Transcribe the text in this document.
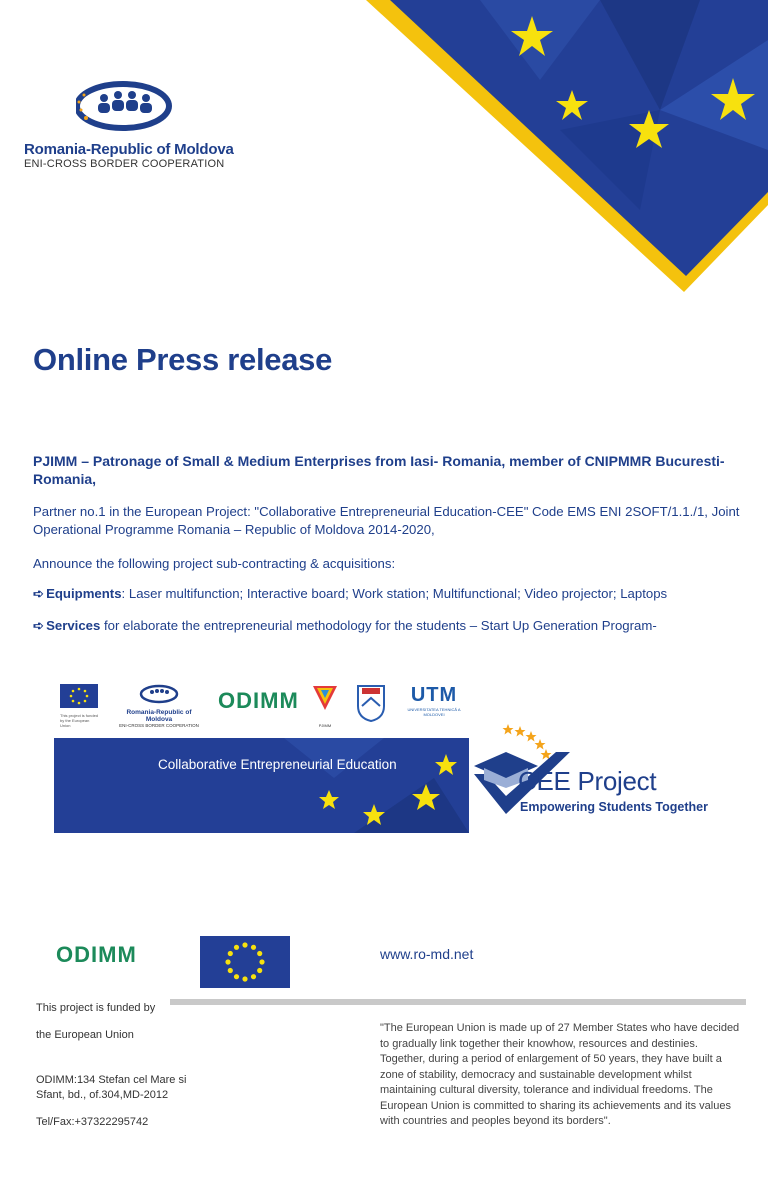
Romania-Republic of Moldova
ENI-CROSS BORDER COOPERATION
Online Press release
PJIMM – Patronage of Small & Medium Enterprises from Iasi- Romania, member of CNIPMMR Bucuresti- Romania,
Partner no.1 in the European Project: "Collaborative Entrepreneurial Education-CEE" Code EMS ENI 2SOFT/1.1./1, Joint Operational Programme Romania – Republic of Moldova 2014-2020,
Announce the following project sub-contracting & acquisitions:
➪ Equipments: Laser multifunction; Interactive board; Work station; Multifunctional; Video projector; Laptops
➪ Services for elaborate the entrepreneurial methodology for the students – Start Up Generation Program-
This project is funded by the European Union
Romania-Republic of Moldova
ENI-CROSS BORDER COOPERATION
ODIMM
PJIMM
UTM
UNIVERSITATEA TEHNICĂ A MOLDOVEI
Collaborative Entrepreneurial Education
CEE Project
Empowering Students Together
ODIMM	www.ro-md.net
This project is funded by
the European Union
ODIMM:134 Stefan cel Mare si
Sfant, bd., of.304,MD-2012
Tel/Fax:+37322295742
"The European Union is made up of 27 Member States who have decided to gradually link together their knowhow, resources and destinies. Together, during a period of enlargement of 50 years, they have built a zone of stability, democracy and sustainable development whilst maintaining cultural diversity, tolerance and individual freedoms. The European Union is committed to sharing its achievements and its values with countries and peoples beyond its borders".
